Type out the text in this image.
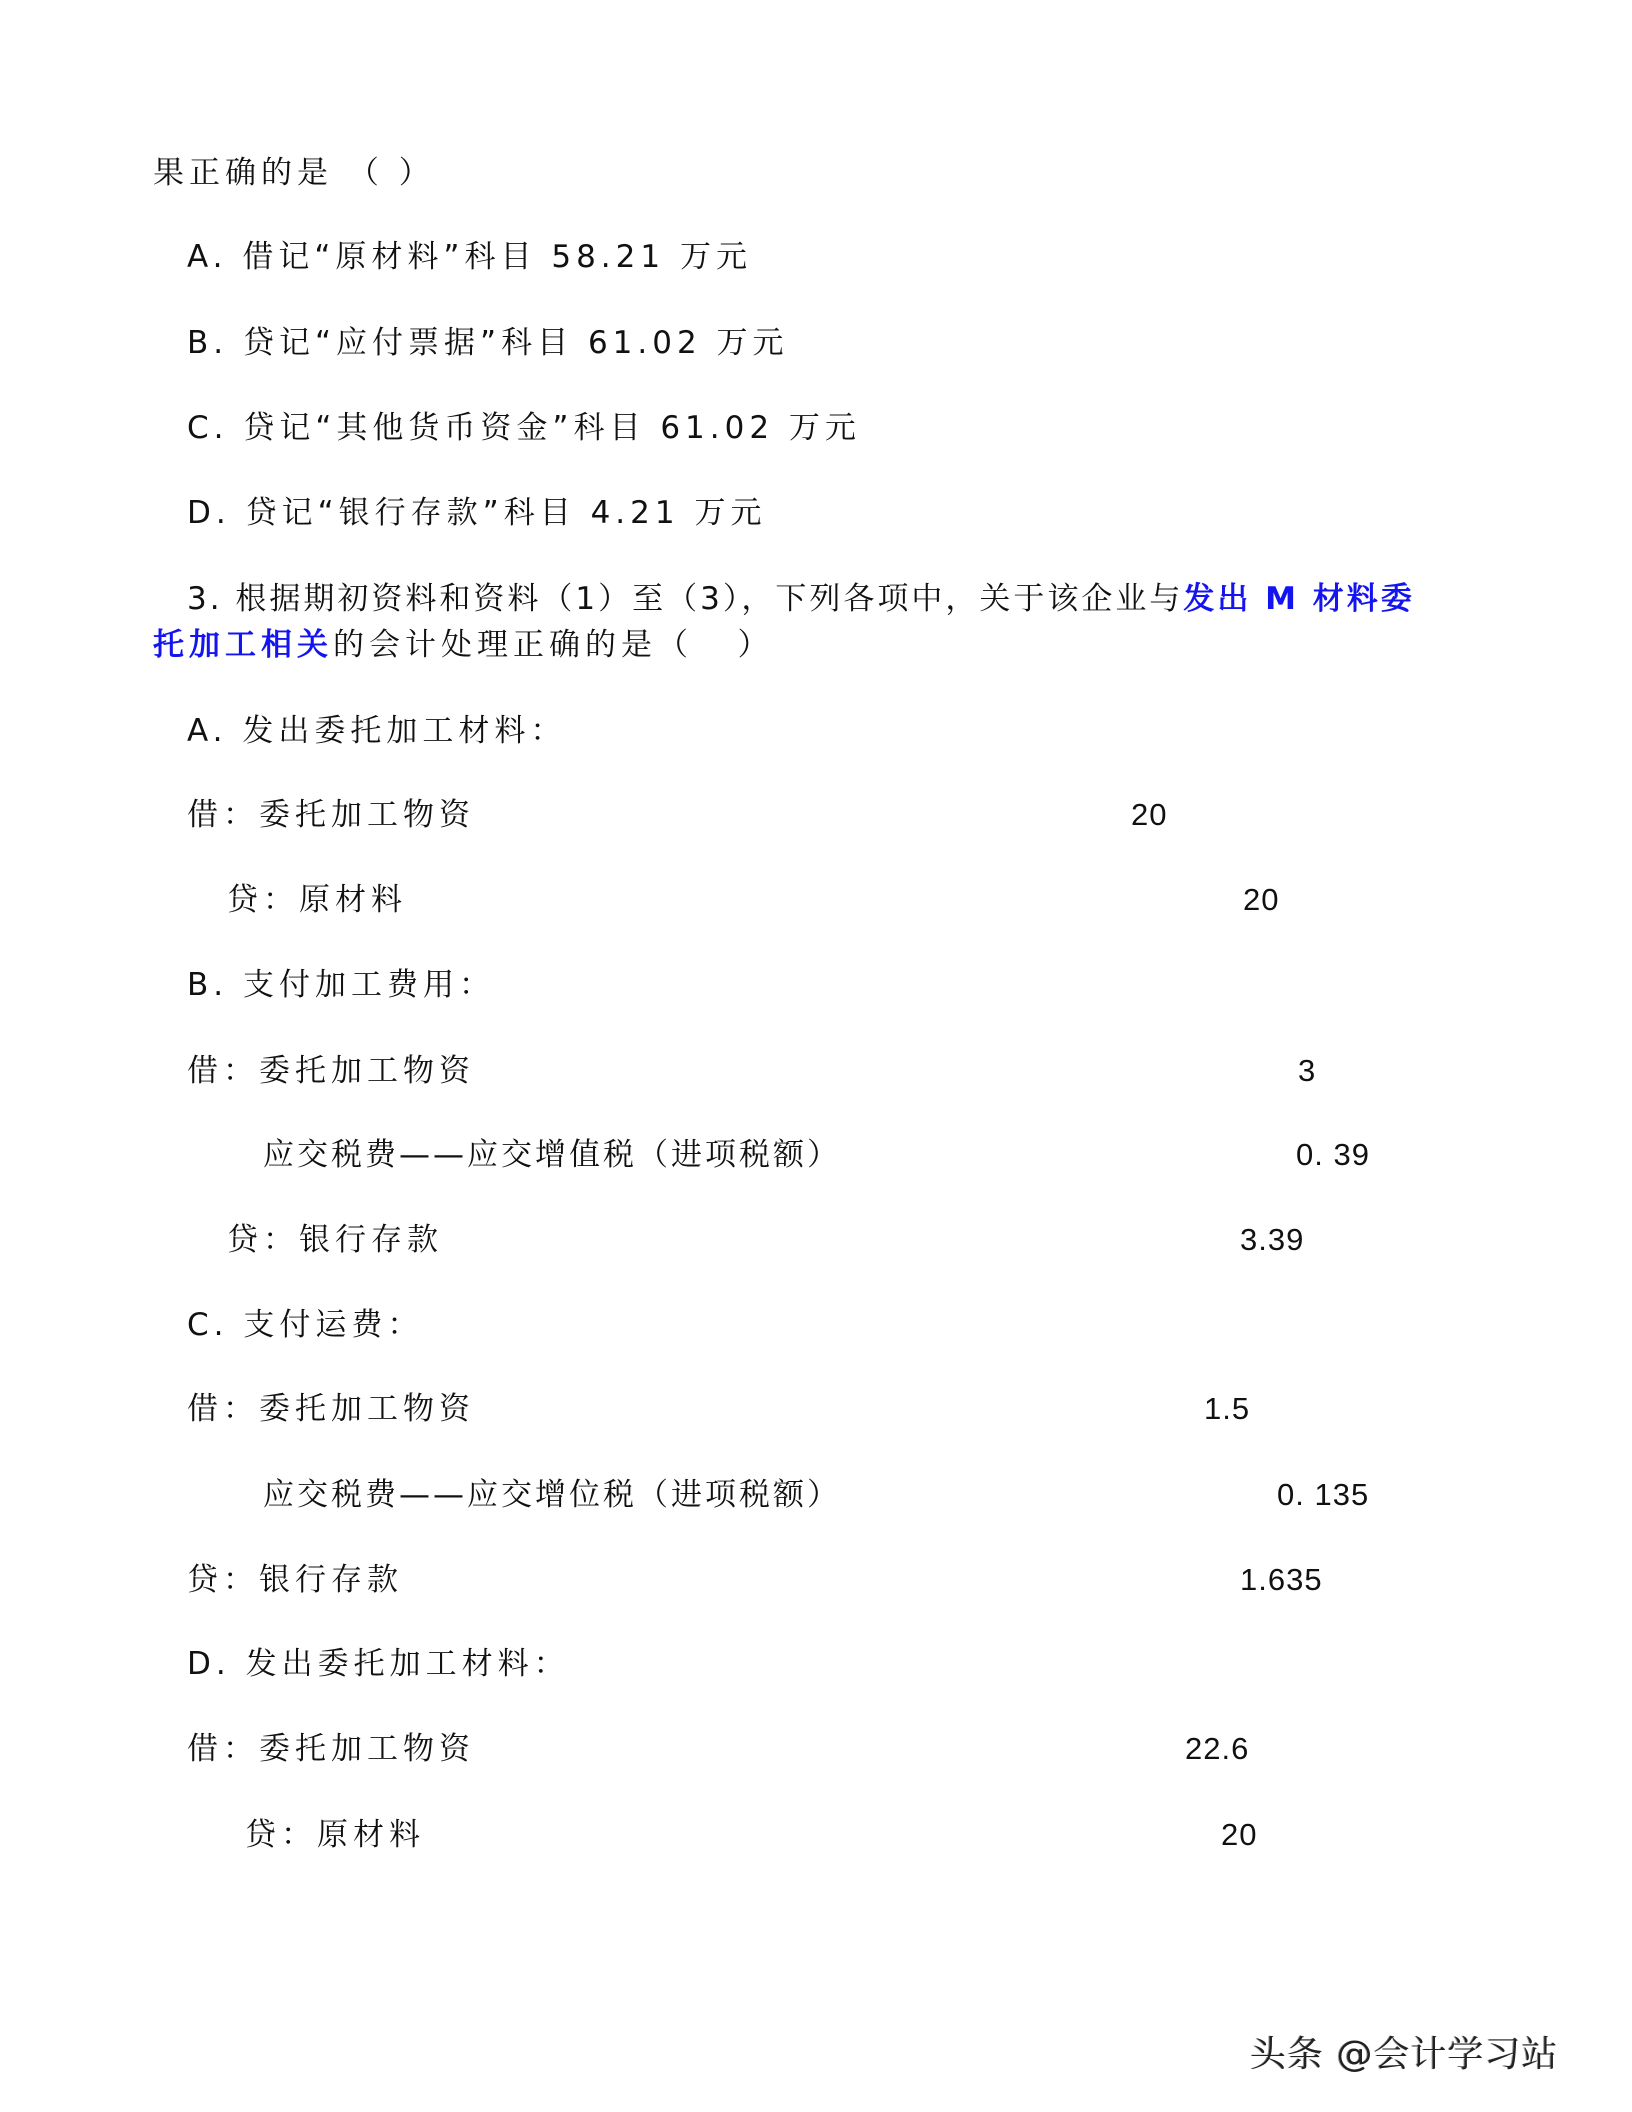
果正确的是 （ ）
A. 借记“原材料”科目 58.21 万元
B. 贷记“应付票据”科目 61.02 万元
C. 贷记“其他货币资金”科目 61.02 万元
D. 贷记“银行存款”科目 4.21 万元
3. 根据期初资料和资料（1）至（3），下列各项中，关于该企业与发出 M 材料委
托加工相关的会计处理正确的是（   ）
A. 发出委托加工材料：
借：委托加工物资	20
贷：原材料	20
B. 支付加工费用：
借：委托加工物资	3
应交税费——应交增值税（进项税额）	0. 39
贷：银行存款	3.39
C. 支付运费：
借：委托加工物资	1.5
应交税费——应交增位税（进项税额）	0. 135
贷：银行存款	1.635
D. 发出委托加工材料：
借：委托加工物资	22.6
贷：原材料	20
头条 @会计学习站
